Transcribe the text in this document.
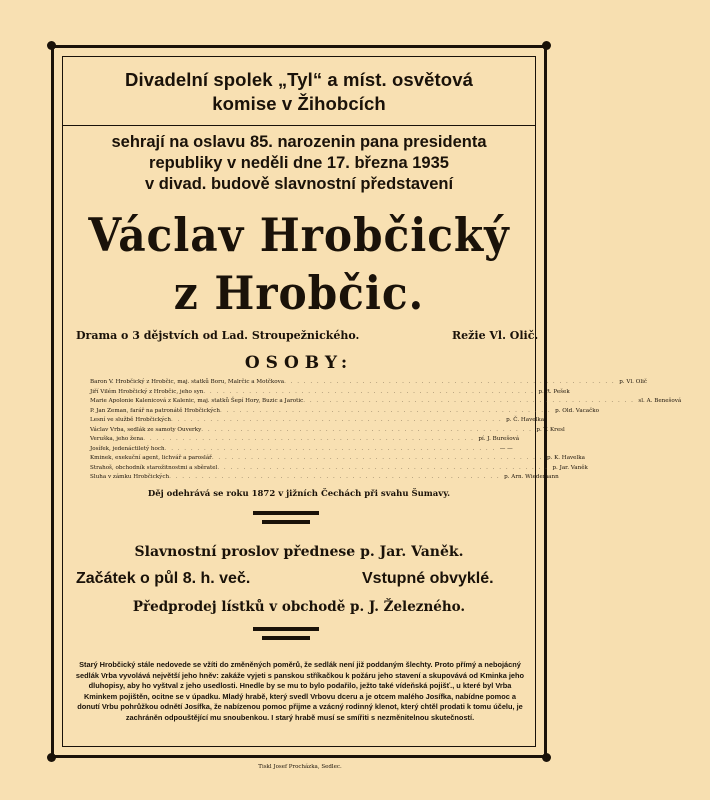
Divadelní spolek „Tyl“ a míst. osvětová
komise v Žihobcích
sehrají na oslavu 85. narozenin pana presidenta
republiky v neděli dne 17. března 1935
v divad. budově slavnostní představení
Václav Hrobčický
z Hrobčic.
Drama o 3 dějstvích od Lad. Stroupežnického.	Režie Vl. Olič.
OSOBY:
Baron V. Hrobčický z Hrobčic, maj. statků Boru, Malrčic a Motčkova . . . . . . . . . . . . . . . . . . . . . . . . . . . . . . . . . . . . . . . . . . . . . . . . . . . p. Vl. Olič
Jiří Vilém Hrobčický z Hrobčic, jeho syn . . . . . . . . . . . . . . . . . . . . . . . . . . . . . . . . . . . . . . . . . . . . . . . . . . . p. R. Pešek
Marie Apolonie Kalenicová z Kalenic, maj. statků Šepí Hory, Buzic a Jarotic . . . . . . . . . . . . . . . . . . . . . . . . . . . . . . . . . . . . . . . . . . . . . . . . . . . sl. A. Benešová
P. Jan Zeman, farář na patronátě Hrobčických . . . . . . . . . . . . . . . . . . . . . . . . . . . . . . . . . . . . . . . . . . . . . . . . . . . p. Old. Vacačko
Lesní ve službě Hrobčických . . . . . . . . . . . . . . . . . . . . . . . . . . . . . . . . . . . . . . . . . . . . . . . . . . . p. Č. Havelka
Václav Vrba, sedlák ze samoty Ouverky . . . . . . . . . . . . . . . . . . . . . . . . . . . . . . . . . . . . . . . . . . . . . . . . . . . p. T. Kresl
Veruška, jeho žena . . . . . . . . . . . . . . . . . . . . . . . . . . . . . . . . . . . . . . . . . . . . . . . . . . . pí. J. Burešová
Josífek, jedenáctiletý hoch . . . . . . . . . . . . . . . . . . . . . . . . . . . . . . . . . . . . . . . . . . . . . . . . . . . — —
Kminek, exekuční agent, lichvář a paroslář . . . . . . . . . . . . . . . . . . . . . . . . . . . . . . . . . . . . . . . . . . . . . . . . . . . p. K. Havelka
Strahoš, obchodník starožitnostmi a sběratel . . . . . . . . . . . . . . . . . . . . . . . . . . . . . . . . . . . . . . . . . . . . . . . . . . . p. Jar. Vaněk
Sluha v zámku Hrobčických . . . . . . . . . . . . . . . . . . . . . . . . . . . . . . . . . . . . . . . . . . . . . . . . . . . p. Arn. Wiedemann
Děj odehrává se roku 1872 v jižních Čechách při svahu Šumavy.
Slavnostní proslov přednese p. Jar. Vaněk.
Začátek o půl 8. h. več.	Vstupné obvyklé.
Předprodej lístků v obchodě p. J. Železného.
Starý Hrobčický stále nedovede se vžíti do změněných poměrů, že sedlák není již poddaným šlechty. Proto přímý a nebojácný sedlák Vrba vyvolává největší jeho hněv: zakáže vyjeti s panskou stříkačkou k požáru jeho stavení a skupovává od Kminka jeho dluhopisy, aby ho vyštval z jeho usedlosti. Hnedle by se mu to bylo podařilo, ježto také vídeňská pojišť., u které byl Vrba Kminkem pojištěn, ocitne se v úpadku. Mladý hrabě, který svedl Vrbovu dceru a je otcem malého Josífka, nabídne pomoc a donutí Vrbu pohrůžkou odnětí Josífka, že nabízenou pomoc přijme a vzácný rodinný klenot, který chtěl prodati k tomu účelu, je zachráněn odpouštějící mu snoubenkou. I starý hrabě musí se smířiti s nezměnitelnou skutečností.
Tiskl Josef Procházka, Sedlec.
